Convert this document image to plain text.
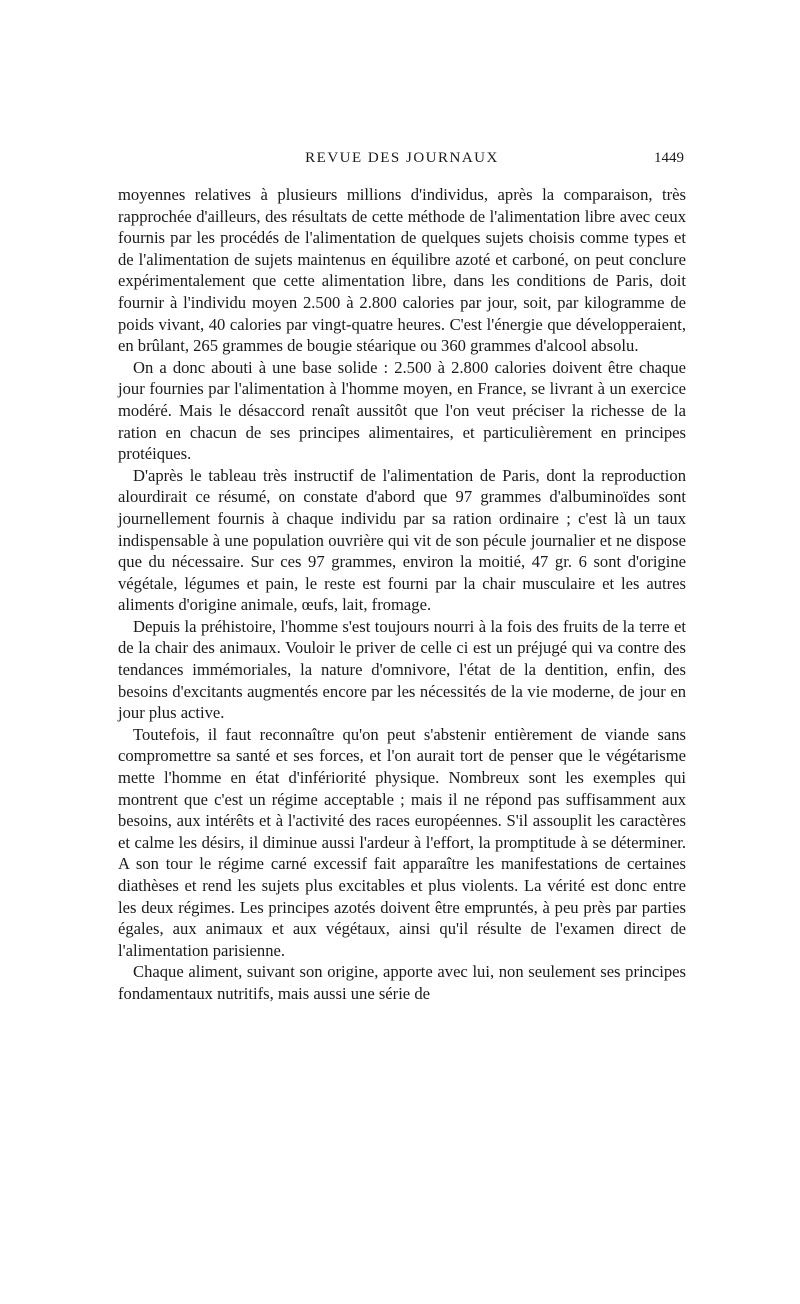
REVUE DES JOURNAUX	1449

moyennes relatives à plusieurs millions d'individus, après la comparaison, très rapprochée d'ailleurs, des résultats de cette méthode de l'alimentation libre avec ceux fournis par les procédés de l'alimentation de quelques sujets choisis comme types et de l'alimentation de sujets maintenus en équilibre azoté et carboné, on peut conclure expérimentalement que cette alimentation libre, dans les conditions de Paris, doit fournir à l'individu moyen 2.500 à 2.800 calories par jour, soit, par kilogramme de poids vivant, 40 calories par vingt-quatre heures. C'est l'énergie que développeraient, en brûlant, 265 grammes de bougie stéarique ou 360 grammes d'alcool absolu.

On a donc abouti à une base solide : 2.500 à 2.800 calories doivent être chaque jour fournies par l'alimentation à l'homme moyen, en France, se livrant à un exercice modéré. Mais le désaccord renaît aussitôt que l'on veut préciser la richesse de la ration en chacun de ses principes alimentaires, et particulièrement en principes protéiques.

D'après le tableau très instructif de l'alimentation de Paris, dont la reproduction alourdirait ce résumé, on constate d'abord que 97 grammes d'albuminoïdes sont journellement fournis à chaque individu par sa ration ordinaire ; c'est là un taux indispensable à une population ouvrière qui vit de son pécule journalier et ne dispose que du nécessaire. Sur ces 97 grammes, environ la moitié, 47 gr. 6 sont d'origine végétale, légumes et pain, le reste est fourni par la chair musculaire et les autres aliments d'origine animale, œufs, lait, fromage.

Depuis la préhistoire, l'homme s'est toujours nourri à la fois des fruits de la terre et de la chair des animaux. Vouloir le priver de celle ci est un préjugé qui va contre des tendances immémoriales, la nature d'omnivore, l'état de la dentition, enfin, des besoins d'excitants augmentés encore par les nécessités de la vie moderne, de jour en jour plus active.

Toutefois, il faut reconnaître qu'on peut s'abstenir entièrement de viande sans compromettre sa santé et ses forces, et l'on aurait tort de penser que le végétarisme mette l'homme en état d'infériorité physique. Nombreux sont les exemples qui montrent que c'est un régime acceptable ; mais il ne répond pas suffisamment aux besoins, aux intérêts et à l'activité des races européennes. S'il assouplit les caractères et calme les désirs, il diminue aussi l'ardeur à l'effort, la promptitude à se déterminer. A son tour le régime carné excessif fait apparaître les manifestations de certaines diathèses et rend les sujets plus excitables et plus violents. La vérité est donc entre les deux régimes. Les principes azotés doivent être empruntés, à peu près par parties égales, aux animaux et aux végétaux, ainsi qu'il résulte de l'examen direct de l'alimentation parisienne.

Chaque aliment, suivant son origine, apporte avec lui, non seulement ses principes fondamentaux nutritifs, mais aussi une série de
